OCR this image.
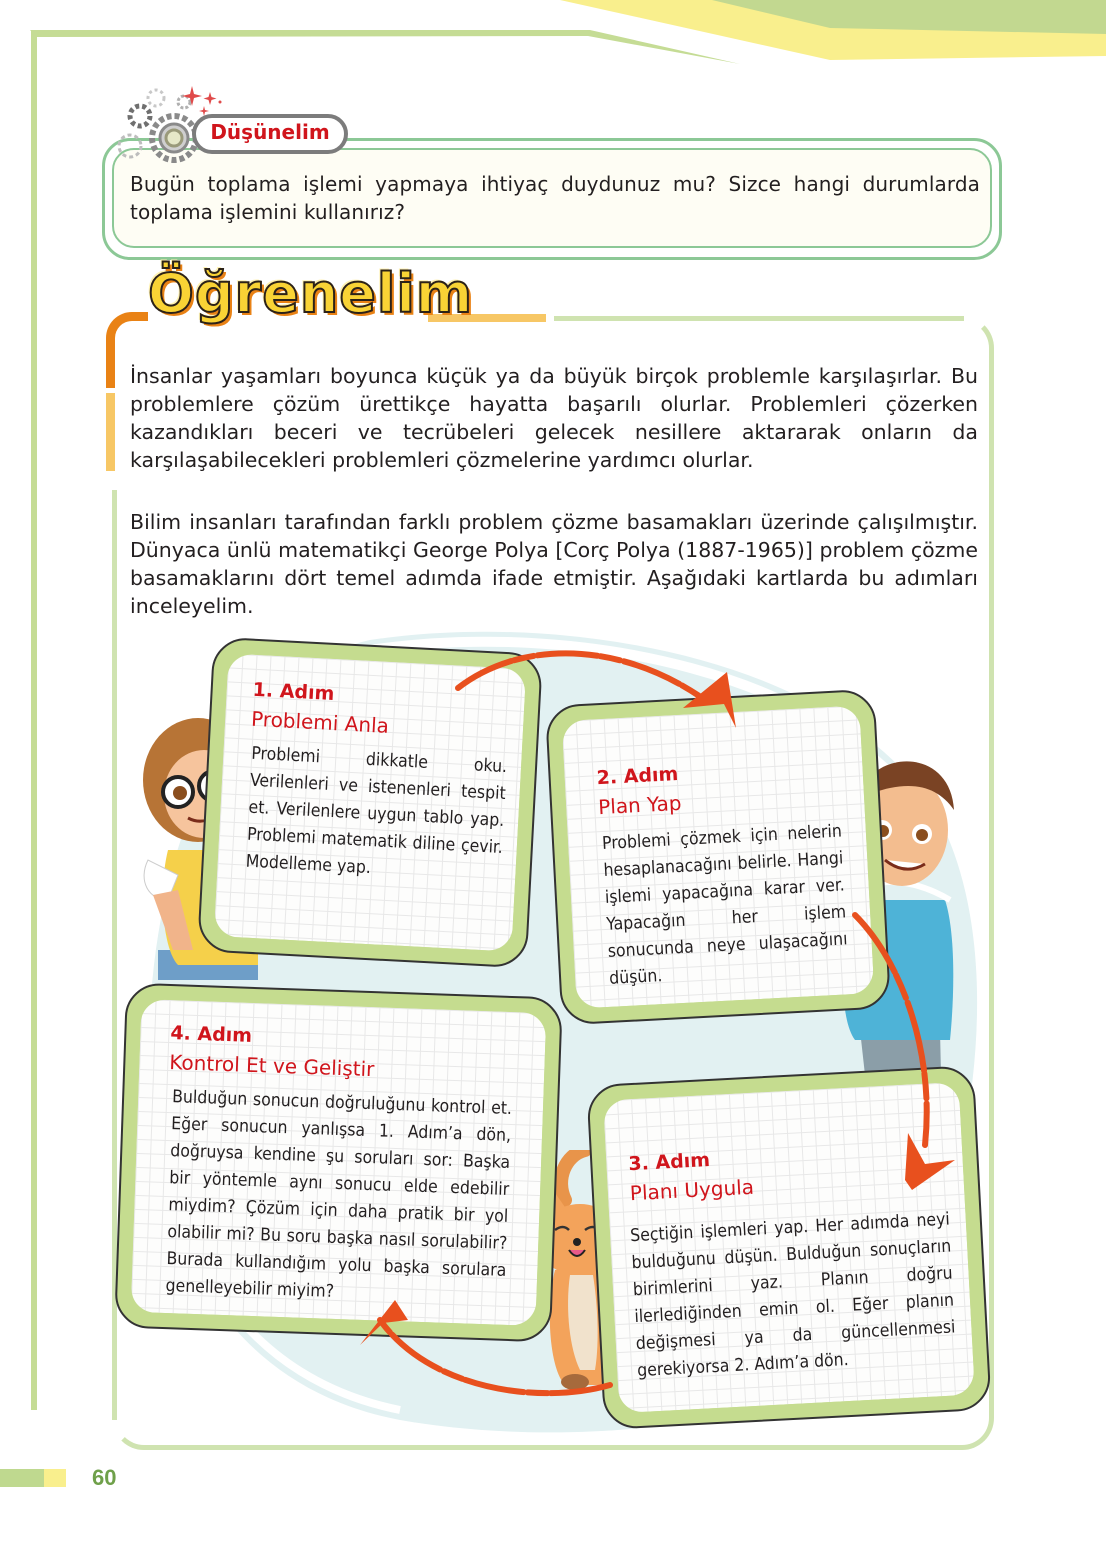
Düşünelim
Bugün toplama işlemi yapmaya ihtiyaç duydunuz mu? Sizce hangi durumlarda toplama işlemini kullanırız?
Öğrenelim
İnsanlar yaşamları boyunca küçük ya da büyük birçok problemle karşılaşırlar. Bu problemlere çözüm ürettikçe hayatta başarılı olurlar. Problemleri çözerken kazandıkları beceri ve tecrübeleri gelecek nesillere aktararak onların da karşılaşabilecekleri problemleri çözmelerine yardımcı olurlar.
Bilim insanları tarafından farklı problem çözme basamakları üzerinde çalışılmıştır. Dünyaca ünlü matematikçi George Polya [Corç Polya (1887-1965)] problem çözme basamaklarını dört temel adımda ifade etmiştir. Aşağıdaki kartlarda bu adımları inceleyelim.
1. Adım
Problemi Anla
Problemi dikkatle oku. Verilenleri ve istenenleri tespit et. Verilenlere uygun tablo yap. Problemi matematik diline çevir. Modelleme yap.
2. Adım
Plan Yap
Problemi çözmek için nelerin hesaplanacağını belirle. Hangi işlemi yapacağına karar ver. Yapacağın her işlem sonucunda neye ulaşacağını düşün.
4. Adım
Kontrol Et ve Geliştir
Bulduğun sonucun doğruluğunu kontrol et. Eğer sonucun yanlışsa 1. Adım’a dön, doğruysa kendine şu soruları sor: Başka bir yöntemle aynı sonucu elde edebilir miydim? Çözüm için daha pratik bir yol olabilir mi? Bu soru başka nasıl sorulabilir? Burada kullandığım yolu başka sorulara genelleyebilir miyim?
3. Adım
Planı Uygula
Seçtiğin işlemleri yap. Her adımda neyi bulduğunu düşün. Bulduğun sonuçların birimlerini yaz. Planın doğru ilerlediğinden emin ol. Eğer planın değişmesi ya da güncellenmesi gerekiyorsa 2. Adım’a dön.
60
